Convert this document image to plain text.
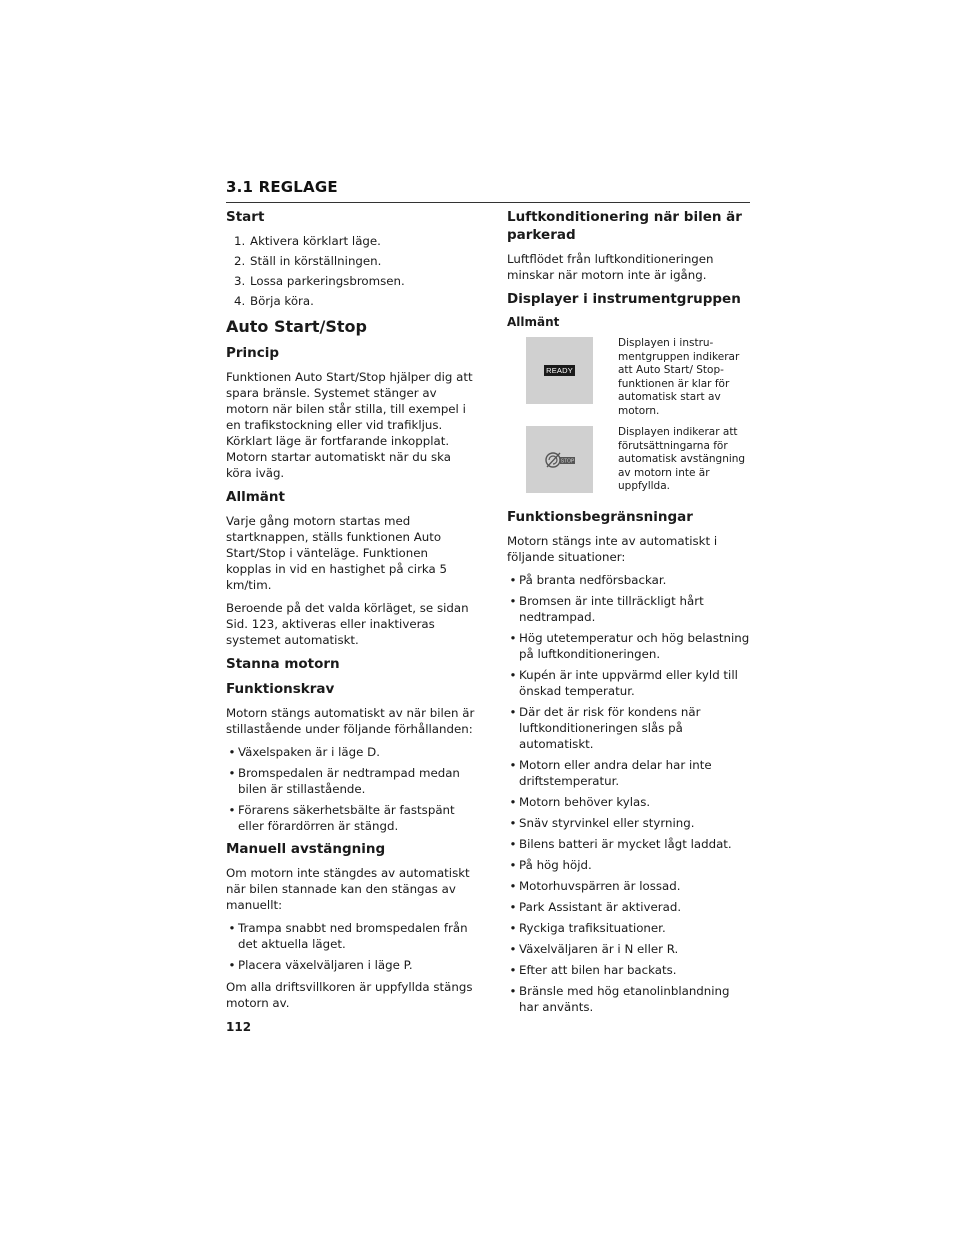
3.1 REGLAGE
Start
1. Aktivera körklart läge.
2. Ställ in körställningen.
3. Lossa parkeringsbromsen.
4. Börja köra.
Auto Start/Stop
Princip

Funktionen Auto Start/Stop hjälper dig att spara bränsle. Systemet stänger av motorn när bilen står stilla, till exempel i en trafikstockning eller vid trafikljus. Körklart läge är fortfarande inkopplat. Motorn startar automatiskt när du ska köra iväg.

Allmänt

Varje gång motorn startas med startknappen, ställs funktionen Auto Start/Stop i vänteläge. Funktionen kopplas in vid en hastighet på cirka 5 km/tim.

Beroende på det valda körläget, se sidan Sid. 123, aktiveras eller inaktiveras systemet automatiskt.

Stanna motorn
Funktionskrav

Motorn stängs automatiskt av när bilen är stillastående under följande förhållanden:

• Växelspaken är i läge D.
• Bromspedalen är nedtrampad medan bilen är stillastående.
• Förarens säkerhetsbälte är fastspänt eller förardörren är stängd.
Manuell avstängning

Om motorn inte stängdes av automatiskt när bilen stannade kan den stängas av manuellt:

• Trampa snabbt ned bromspedalen från det aktuella läget.
• Placera växelväljaren i läge P.

Om alla driftsvillkoren är uppfyllda stängs motorn av.

Luftkonditionering när bilen är parkerad

Luftflödet från luftkonditioneringen minskar när motorn inte är igång.

Displayer i instrumentgruppen
Allmänt
READY
Displayen i instrumentgruppen indikerar att Auto Start/ Stop-funktionen är klar för automatisk start av motorn.
STOP
Displayen indikerar att förutsättningarna för automatisk avstängning av motorn inte är uppfyllda.
Funktionsbegränsningar

Motorn stängs inte av automatiskt i följande situationer:

• På branta nedförsbackar.
• Bromsen är inte tillräckligt hårt nedtrampad.
• Hög utetemperatur och hög belastning på luftkonditioneringen.
• Kupén är inte uppvärmd eller kyld till önskad temperatur.
• Där det är risk för kondens när luftkonditioneringen slås på automatiskt.
• Motorn eller andra delar har inte driftstemperatur.
• Motorn behöver kylas.
• Snäv styrvinkel eller styrning.
• Bilens batteri är mycket lågt laddat.
• På hög höjd.
• Motorhuvspärren är lossad.
• Park Assistant är aktiverad.
• Ryckiga trafiksituationer.
• Växelväljaren är i N eller R.
• Efter att bilen har backats.
• Bränsle med hög etanolinblandning har använts.
112
